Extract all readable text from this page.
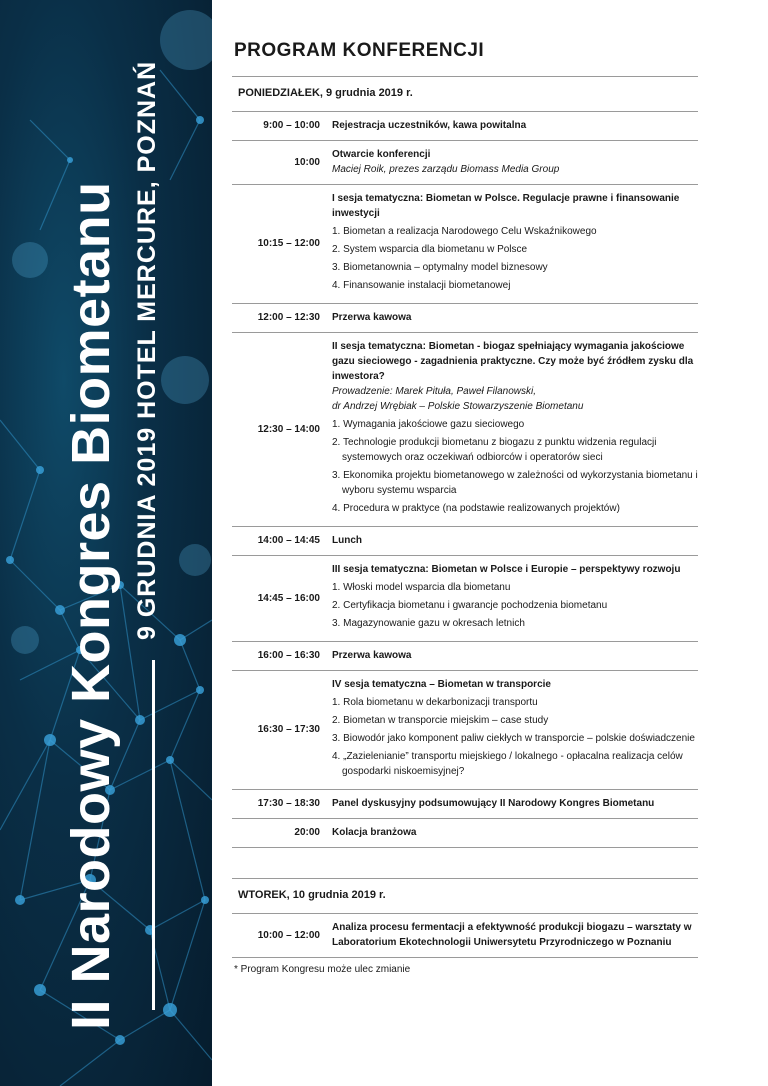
II Narodowy Kongres Biometanu 9 GRUDNIA 2019 HOTEL MERCURE, POZNAŃ
PROGRAM KONFERENCJI
PONIEDZIAŁEK, 9 grudnia 2019 r.
9:00 – 10:00 Rejestracja uczestników, kawa powitalna
10:00
Otwarcie konferencji
Maciej Roik, prezes zarządu Biomass Media Group
10:15 – 12:00
I sesja tematyczna: Biometan w Polsce. Regulacje prawne i finansowanie inwestycji
1. Biometan a realizacja Narodowego Celu Wskaźnikowego
2. System wsparcia dla biometanu w Polsce
3. Biometanownia – optymalny model biznesowy
4. Finansowanie instalacji biometanowej
12:00 – 12:30 Przerwa kawowa
12:30 – 14:00
II sesja tematyczna: Biometan - biogaz spełniający wymagania jakościowe gazu sieciowego - zagadnienia praktyczne. Czy może być źródłem zysku dla inwestora?
Prowadzenie: Marek Pituła, Paweł Filanowski,
dr Andrzej Wrębiak – Polskie Stowarzyszenie Biometanu
1. Wymagania jakościowe gazu sieciowego
2. Technologie produkcji biometanu z biogazu z punktu widzenia regulacji systemowych oraz oczekiwań odbiorców i operatorów sieci
3. Ekonomika projektu biometanowego w zależności od wykorzystania biometanu i wyboru systemu wsparcia
4. Procedura w praktyce (na podstawie realizowanych projektów)
14:00 – 14:45 Lunch
14:45 – 16:00
III sesja tematyczna: Biometan w Polsce i Europie – perspektywy rozwoju
1. Włoski model wsparcia dla biometanu
2. Certyfikacja biometanu i gwarancje pochodzenia biometanu
3. Magazynowanie gazu w okresach letnich
16:00 – 16:30 Przerwa kawowa
16:30 – 17:30
IV sesja tematyczna – Biometan w transporcie
1. Rola biometanu w dekarbonizacji transportu
2. Biometan w transporcie miejskim – case study
3. Biowodór jako komponent paliw ciekłych w transporcie – polskie doświadczenie
4. „Zazielenianie” transportu miejskiego / lokalnego - opłacalna realizacja celów gospodarki niskoemisyjnej?
17:30 – 18:30 Panel dyskusyjny podsumowujący II Narodowy Kongres Biometanu
20:00 Kolacja branżowa
WTOREK, 10 grudnia 2019 r.
10:00 – 12:00
Analiza procesu fermentacji a efektywność produkcji biogazu – warsztaty w Laboratorium Ekotechnologii Uniwersytetu Przyrodniczego w Poznaniu
* Program Kongresu może ulec zmianie
